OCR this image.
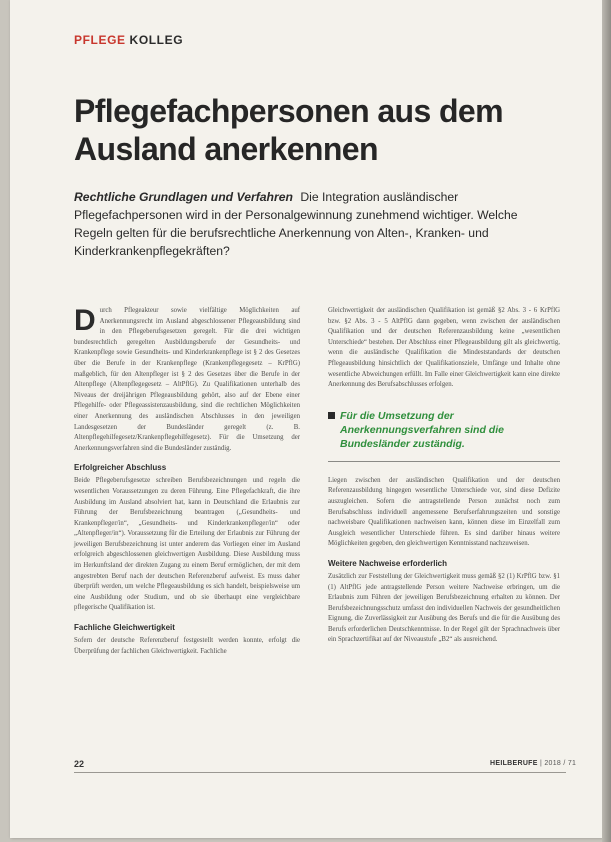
PFLEGE KOLLEG
Pflegefachpersonen aus dem Ausland anerkennen
Rechtliche Grundlagen und Verfahren Die Integration ausländischer Pflegefachpersonen wird in der Personalgewinnung zunehmend wichtiger. Welche Regeln gelten für die berufsrechtliche Anerkennung von Alten-, Kranken- und Kinderkrankenpflegekräften?

Durch Pflegeakteur sowie vielfältige Möglichkeiten auf Anerkennungsrecht im Ausland abgeschlossener Pflegeausbildung sind in den Pflegeberufsgesetzen geregelt. Für die drei wichtigen bundesrechtlich geregelten Ausbildungsberufe der Gesundheits- und Krankenpflege sowie Gesundheits- und Kinderkrankenpflege ist § 2 des Gesetzes über die Berufe in der Krankenpflege (Krankenpflegegesetz – KrPflG) maßgeblich, für den Altenpfleger ist § 2 des Gesetzes über die Berufe in der Altenpflege (Altenpflegegesetz – AltPflG). Zu Qualifikationen unterhalb des Niveaus der dreijährigen Pflegeausbildung gehört, also auf der Ebene einer Pflegehilfe- oder Pflegeassistenzausbildung, sind die rechtlichen Möglichkeiten einer Anerkennung des ausländischen Abschlusses in den jeweiligen Landesgesetzen der Bundesländer geregelt (z. B. Altenpflegehilfegesetz/Krankenpflegehilfegesetz). Für die Umsetzung der Anerkennungsverfahren sind die Bundesländer zuständig.

Erfolgreicher Abschluss

Beide Pflegeberufsgesetze schreiben Berufsbezeichnungen und regeln die wesentlichen Voraussetzungen zu deren Führung. Eine Pflegefachkraft, die ihre Ausbildung im Ausland absolviert hat, kann in Deutschland die Erlaubnis zur Führung der Berufsbezeichnung beantragen („Gesundheits- und Krankenpfleger/in“, „Gesundheits- und Kinderkrankenpfleger/in“ oder „Altenpfleger/in“). Voraussetzung für die Erteilung der Erlaubnis zur Führung der jeweiligen Berufsbezeichnung ist unter anderem das Vorliegen einer im Ausland erfolgreich abgeschlossenen gleichwertigen Ausbildung. Diese Ausbildung muss im Herkunftsland der direkten Zugang zu einem Beruf ermöglichen, der mit dem angestrebten Beruf nach der deutschen Referenzberuf aufweist. Es muss daher überprüft werden, um welche Pflegeausbildung es sich handelt, beispielsweise um eine Ausbildung oder Studium, und ob sie überhaupt eine vergleichbare pflegerische Qualifikation ist.

Fachliche Gleichwertigkeit

Sofern der deutsche Referenzberuf festgestellt werden konnte, erfolgt die Überprüfung der fachlichen Gleichwertigkeit. Fachliche

Gleichwertigkeit der ausländischen Qualifikation ist gemäß §2 Abs. 3 - 6 KrPflG bzw. §2 Abs. 3 - 5 AltPflG dann gegeben, wenn zwischen der ausländischen Qualifikation und der deutschen Referenzausbildung keine „wesentlichen Unterschiede“ bestehen. Der Abschluss einer Pflegeausbildung gilt als gleichwertig, wenn die ausländische Qualifikation die Mindeststandards der deutschen Pflegeausbildung hinsichtlich der Qualifikationsziele, Umfänge und Inhalte ohne wesentliche Abweichungen erfüllt. Im Falle einer Gleichwertigkeit kann eine direkte Anerkennung des Berufsabschlusses erfolgen.

Für die Umsetzung der Anerkennungsverfahren sind die Bundesländer zuständig.

Liegen zwischen der ausländischen Qualifikation und der deutschen Referenzausbildung hingegen wesentliche Unterschiede vor, sind diese Defizite auszugleichen. Sofern die antragstellende Person zunächst noch zum Berufsabschluss individuell angemessene Berufserfahrungszeiten und sonstige nachweisbare Qualifikationen nachweisen kann, können diese im Einzelfall zum Ausgleich wesentlicher Unterschiede führen. Es sind darüber hinaus weitere Möglichkeiten gegeben, den gleichwertigen Kenntnisstand nachzuweisen.

Weitere Nachweise erforderlich

Zusätzlich zur Feststellung der Gleichwertigkeit muss gemäß §2 (1) KrPflG bzw. §1 (1) AltPflG jede antragstellende Person weitere Nachweise erbringen, um die Erlaubnis zum Führen der jeweiligen Berufsbezeichnung erhalten zu können. Der Berufsbezeichnungsschutz umfasst den individuellen Nachweis der gesundheitlichen Eignung, die Zuverlässigkeit zur Ausübung des Berufs und die für die Ausübung des Berufs erforderlichen Deutschkenntnisse. In der Regel gilt der Sprachnachweis über ein Sprachzertifikat auf der Niveaustufe „B2“ als ausreichend.

22	HEILBERUFE | 2018 / 71
